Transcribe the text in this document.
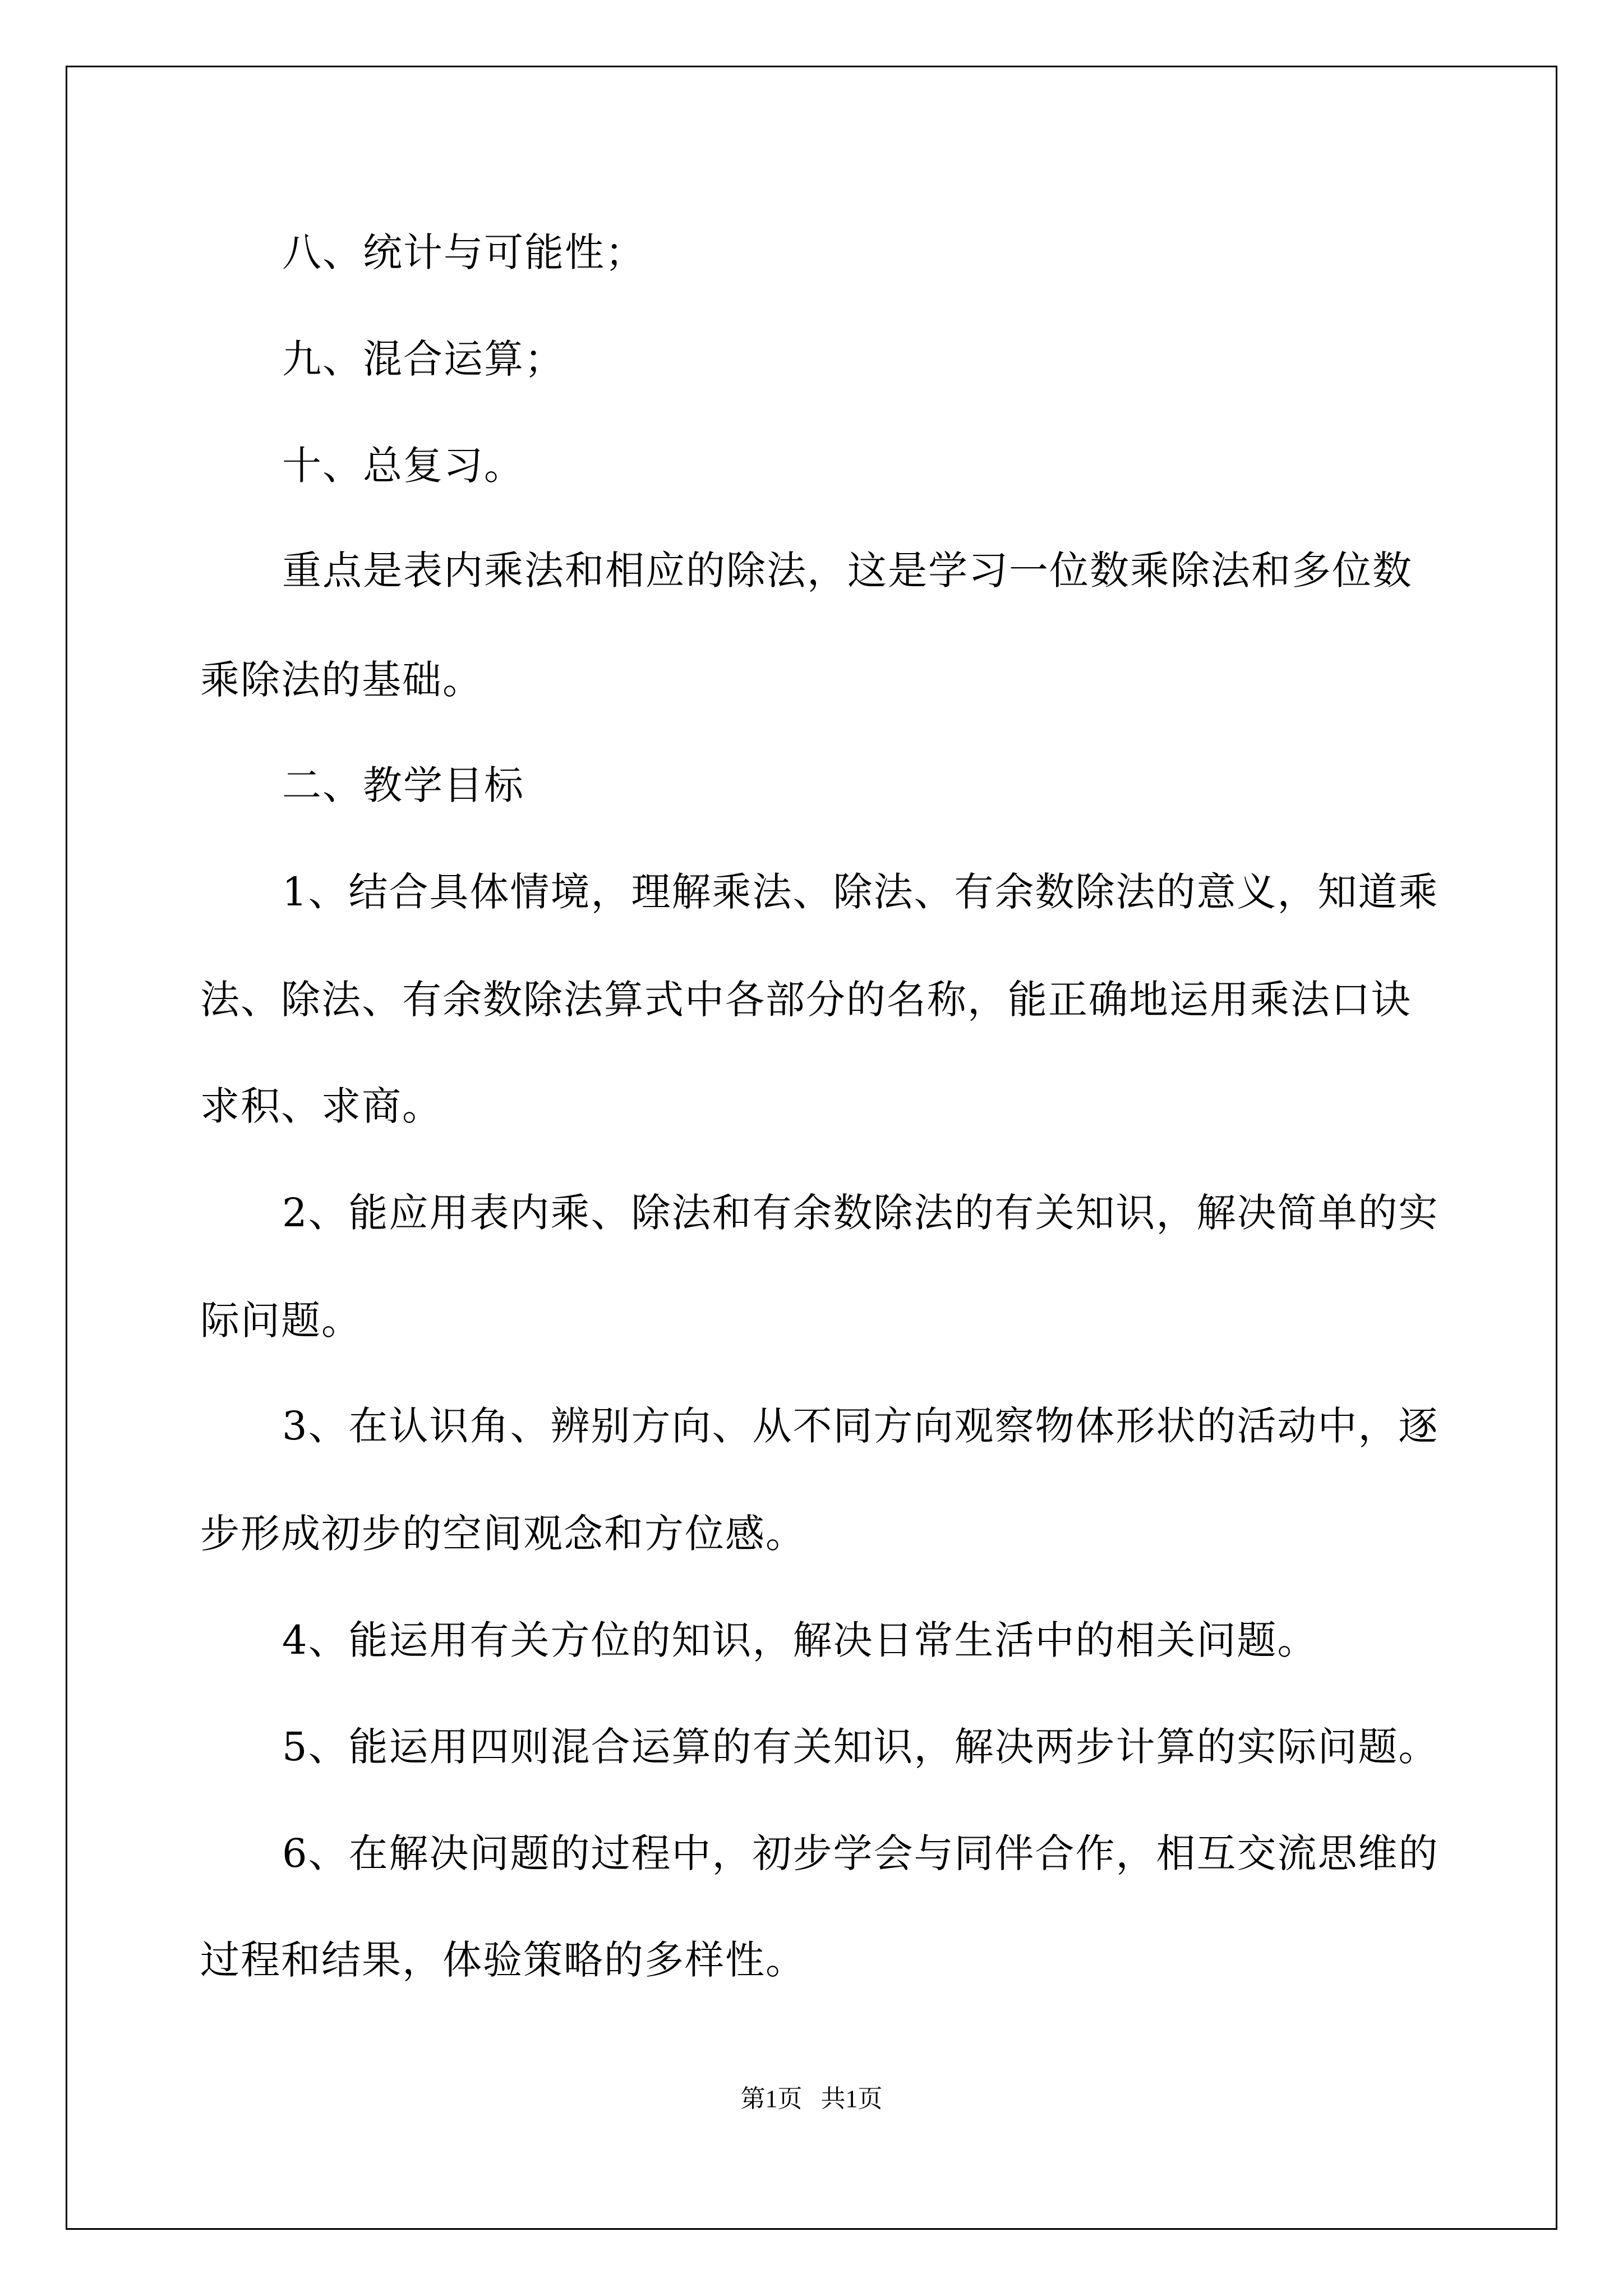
八、统计与可能性；

九、混合运算；

十、总复习。

重点是表内乘法和相应的除法，这是学习一位数乘除法和多位数

乘除法的基础。

二、教学目标

1、结合具体情境，理解乘法、除法、有余数除法的意义，知道乘

法、除法、有余数除法算式中各部分的名称，能正确地运用乘法口诀

求积、求商。

2、能应用表内乘、除法和有余数除法的有关知识，解决简单的实

际问题。

3、在认识角、辨别方向、从不同方向观察物体形状的活动中，逐

步形成初步的空间观念和方位感。

4、能运用有关方位的知识，解决日常生活中的相关问题。

5、能运用四则混合运算的有关知识，解决两步计算的实际问题。

6、在解决问题的过程中，初步学会与同伴合作，相互交流思维的

过程和结果，体验策略的多样性。

第1页   共1页
